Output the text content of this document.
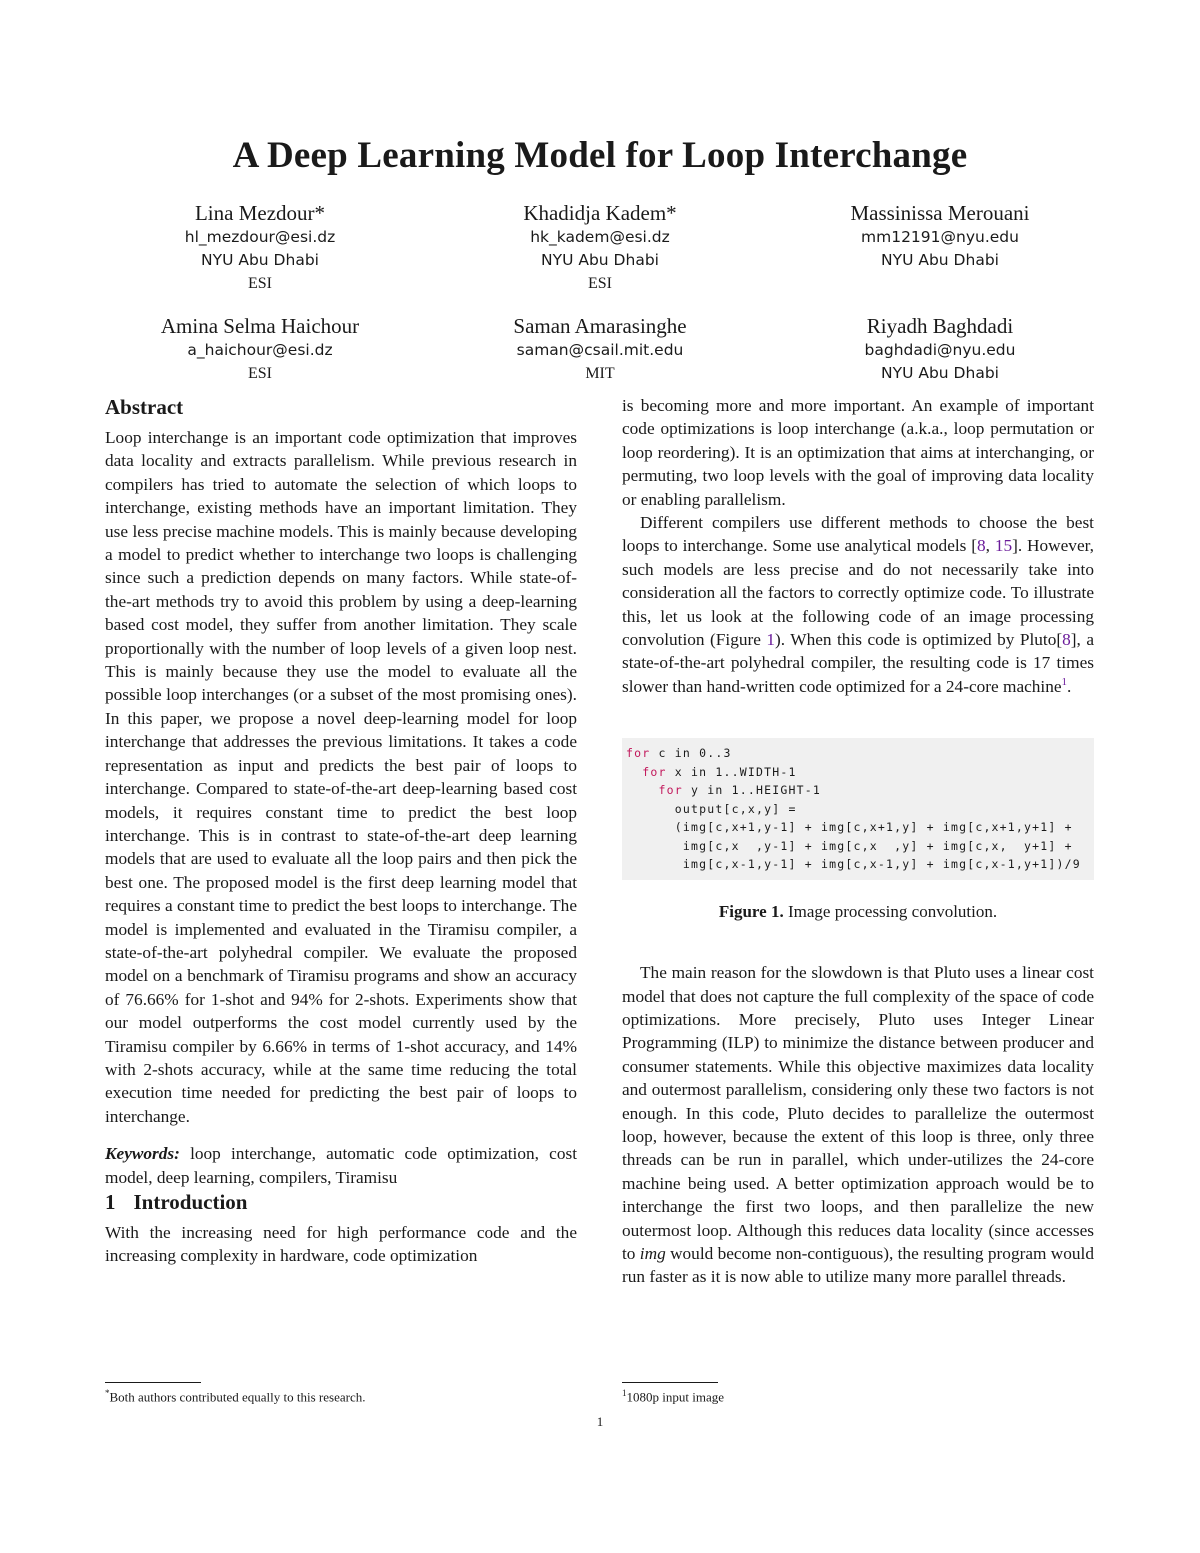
A Deep Learning Model for Loop Interchange
Lina Mezdour*
hl_mezdour@esi.dz
NYU Abu Dhabi
ESI
Khadidja Kadem*
hk_kadem@esi.dz
NYU Abu Dhabi
ESI
Massinissa Merouani
mm12191@nyu.edu
NYU Abu Dhabi
Amina Selma Haichour
a_haichour@esi.dz
ESI
Saman Amarasinghe
saman@csail.mit.edu
MIT
Riyadh Baghdadi
baghdadi@nyu.edu
NYU Abu Dhabi
Abstract

Loop interchange is an important code optimization that improves data locality and extracts parallelism. While previous research in compilers has tried to automate the selection of which loops to interchange, existing methods have an important limitation. They use less precise machine models. This is mainly because developing a model to predict whether to interchange two loops is challenging since such a prediction depends on many factors. While state-of-the-art methods try to avoid this problem by using a deep-learning based cost model, they suffer from another limitation. They scale proportionally with the number of loop levels of a given loop nest. This is mainly because they use the model to evaluate all the possible loop interchanges (or a subset of the most promising ones). In this paper, we propose a novel deep-learning model for loop interchange that addresses the previous limitations. It takes a code representation as input and predicts the best pair of loops to interchange. Compared to state-of-the-art deep-learning based cost models, it requires constant time to predict the best loop interchange. This is in contrast to state-of-the-art deep learning models that are used to evaluate all the loop pairs and then pick the best one. The proposed model is the first deep learning model that requires a constant time to predict the best loops to interchange. The model is implemented and evaluated in the Tiramisu compiler, a state-of-the-art polyhedral compiler. We evaluate the proposed model on a benchmark of Tiramisu programs and show an accuracy of 76.66% for 1-shot and 94% for 2-shots. Experiments show that our model outperforms the cost model currently used by the Tiramisu compiler by 6.66% in terms of 1-shot accuracy, and 14% with 2-shots accuracy, while at the same time reducing the total execution time needed for predicting the best pair of loops to interchange.

Keywords: loop interchange, automatic code optimization, cost model, deep learning, compilers, Tiramisu

1 Introduction

With the increasing need for high performance code and the increasing complexity in hardware, code optimization

is becoming more and more important. An example of important code optimizations is loop interchange (a.k.a., loop permutation or loop reordering). It is an optimization that aims at interchanging, or permuting, two loop levels with the goal of improving data locality or enabling parallelism.

Different compilers use different methods to choose the best loops to interchange. Some use analytical models [8, 15]. However, such models are less precise and do not necessarily take into consideration all the factors to correctly optimize code. To illustrate this, let us look at the following code of an image processing convolution (Figure 1). When this code is optimized by Pluto[8], a state-of-the-art polyhedral compiler, the resulting code is 17 times slower than hand-written code optimized for a 24-core machine$^1$.

for c in 0..3
for x in 1..WIDTH-1
for y in 1..HEIGHT-1
output[c,x,y] =
(img[c,x+1,y-1] + img[c,x+1,y] + img[c,x+1,y+1] +
img[c,x  ,y-1] + img[c,x  ,y] + img[c,x,  y+1] +
img[c,x-1,y-1] + img[c,x-1,y] + img[c,x-1,y+1])/9

Figure 1. Image processing convolution.

The main reason for the slowdown is that Pluto uses a linear cost model that does not capture the full complexity of the space of code optimizations. More precisely, Pluto uses Integer Linear Programming (ILP) to minimize the distance between producer and consumer statements. While this objective maximizes data locality and outermost parallelism, considering only these two factors is not enough. In this code, Pluto decides to parallelize the outermost loop, however, because the extent of this loop is three, only three threads can be run in parallel, which under-utilizes the 24-core machine being used. A better optimization approach would be to interchange the first two loops, and then parallelize the new outermost loop. Although this reduces data locality (since accesses to img would become non-contiguous), the resulting program would run faster as it is now able to utilize many more parallel threads.

*Both authors contributed equally to this research.	$^1$1080p input image
1
